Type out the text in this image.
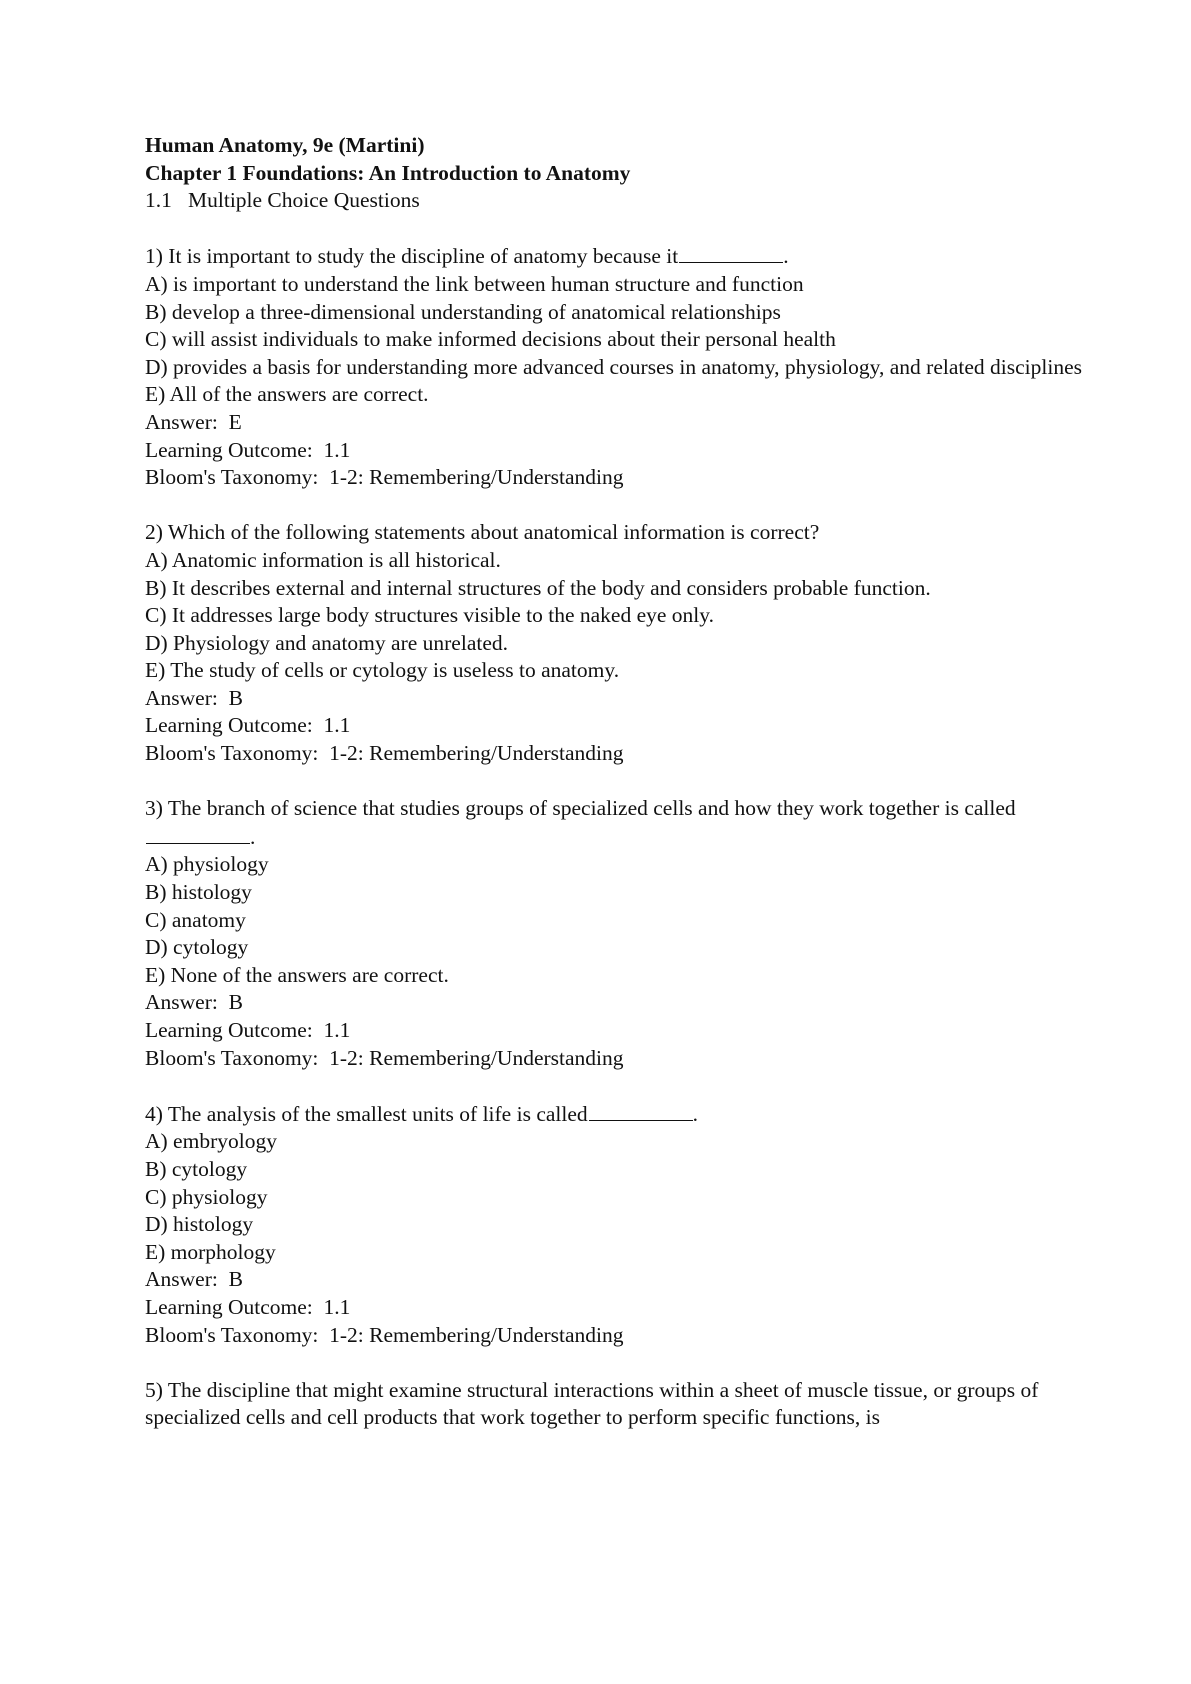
Human Anatomy, 9e (Martini)

Chapter 1 Foundations: An Introduction to Anatomy

1.1   Multiple Choice Questions

1) It is important to study the discipline of anatomy because it	.

A) is important to understand the link between human structure and function

B) develop a three-dimensional understanding of anatomical relationships

C) will assist individuals to make informed decisions about their personal health

D) provides a basis for understanding more advanced courses in anatomy, physiology, and related disciplines

E) All of the answers are correct.

Answer:  E

Learning Outcome:  1.1

Bloom's Taxonomy:  1-2: Remembering/Understanding

2) Which of the following statements about anatomical information is correct?

A) Anatomic information is all historical.

B) It describes external and internal structures of the body and considers probable function.

C) It addresses large body structures visible to the naked eye only.

D) Physiology and anatomy are unrelated.

E) The study of cells or cytology is useless to anatomy.

Answer:  B

Learning Outcome:  1.1

Bloom's Taxonomy:  1-2: Remembering/Understanding

3) The branch of science that studies groups of specialized cells and how they work together is called.

A) physiology

B) histology

C) anatomy

D) cytology

E) None of the answers are correct.

Answer:  B

Learning Outcome:  1.1

Bloom's Taxonomy:  1-2: Remembering/Understanding

4) The analysis of the smallest units of life is called	.

A) embryology

B) cytology

C) physiology

D) histology

E) morphology

Answer:  B

Learning Outcome:  1.1

Bloom's Taxonomy:  1-2: Remembering/Understanding

5) The discipline that might examine structural interactions within a sheet of muscle tissue, or groups of specialized cells and cell products that work together to perform specific functions, is
